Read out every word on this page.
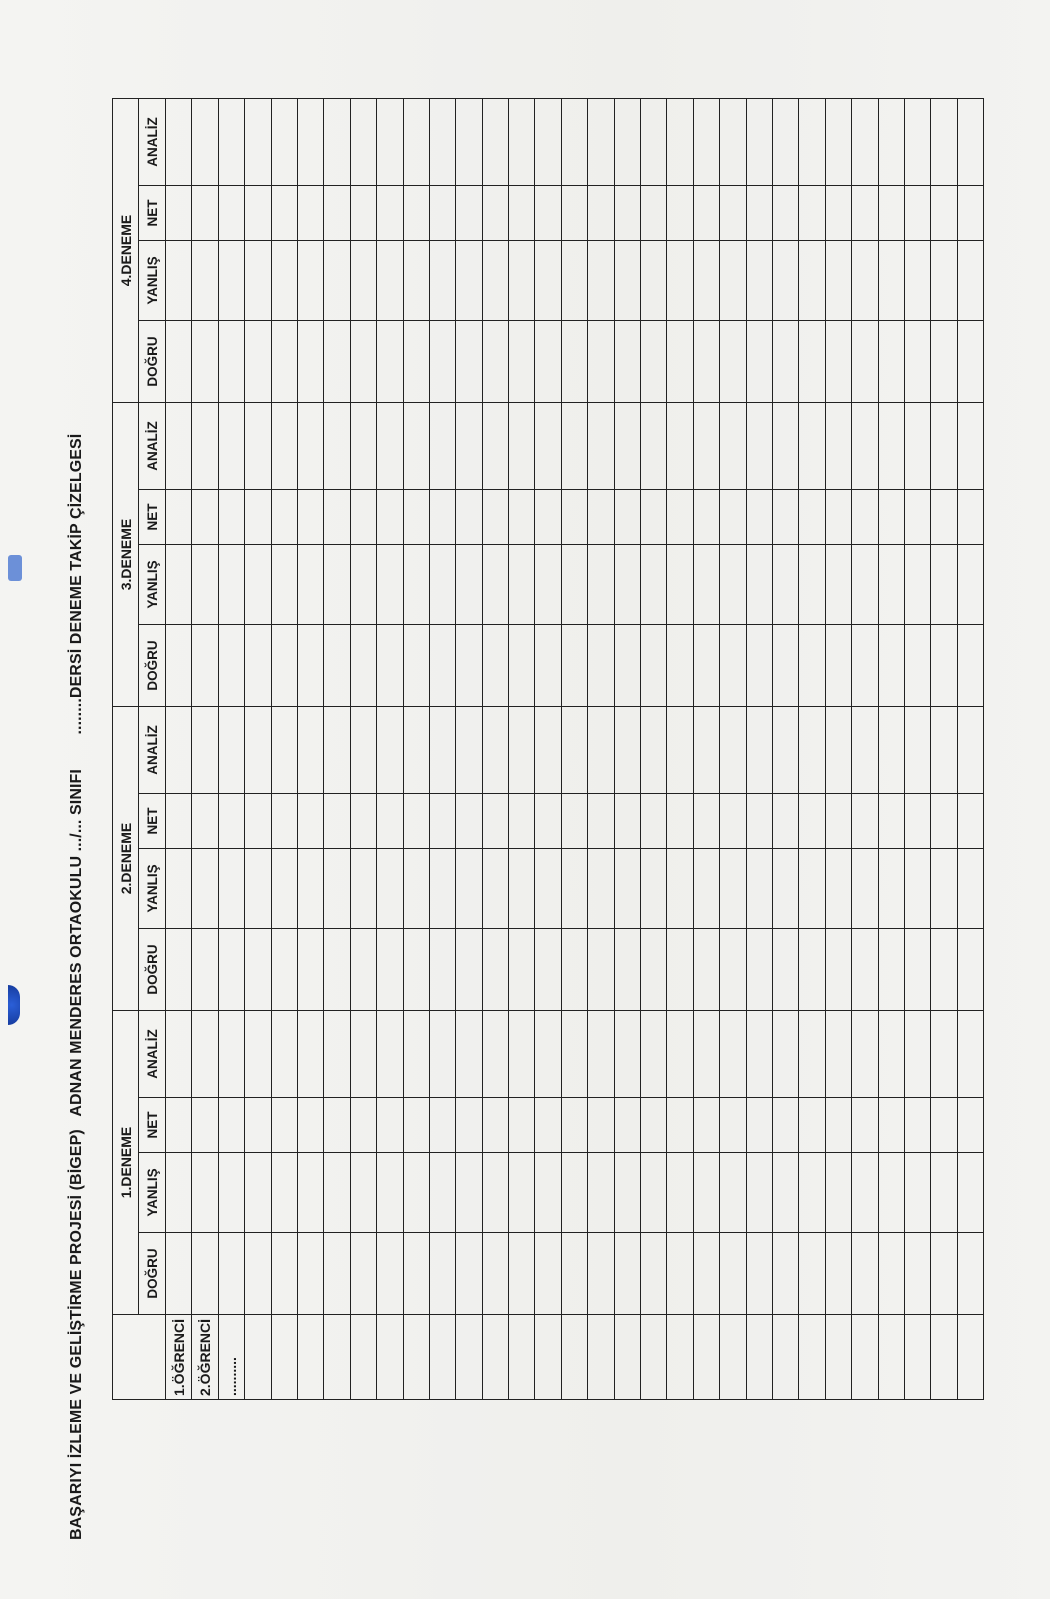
BAŞARIYI İZLEME VE GELİŞTİRME PROJESİ (BİGEP) ADNAN MENDERES ORTAOKULU .../... SINIFI ........DERSİ DENEME TAKİP ÇİZELGESİ
	1.DENEME				2.DENEME				3.DENEME				4.DENEME			
	DOĞRU	YANLIŞ	NET	ANALİZ	DOĞRU	YANLIŞ	NET	ANALİZ	DOĞRU	YANLIŞ	NET	ANALİZ	DOĞRU	YANLIŞ	NET	ANALİZ
1.ÖĞRENCİ																
2.ÖĞRENCİ																
..........																
